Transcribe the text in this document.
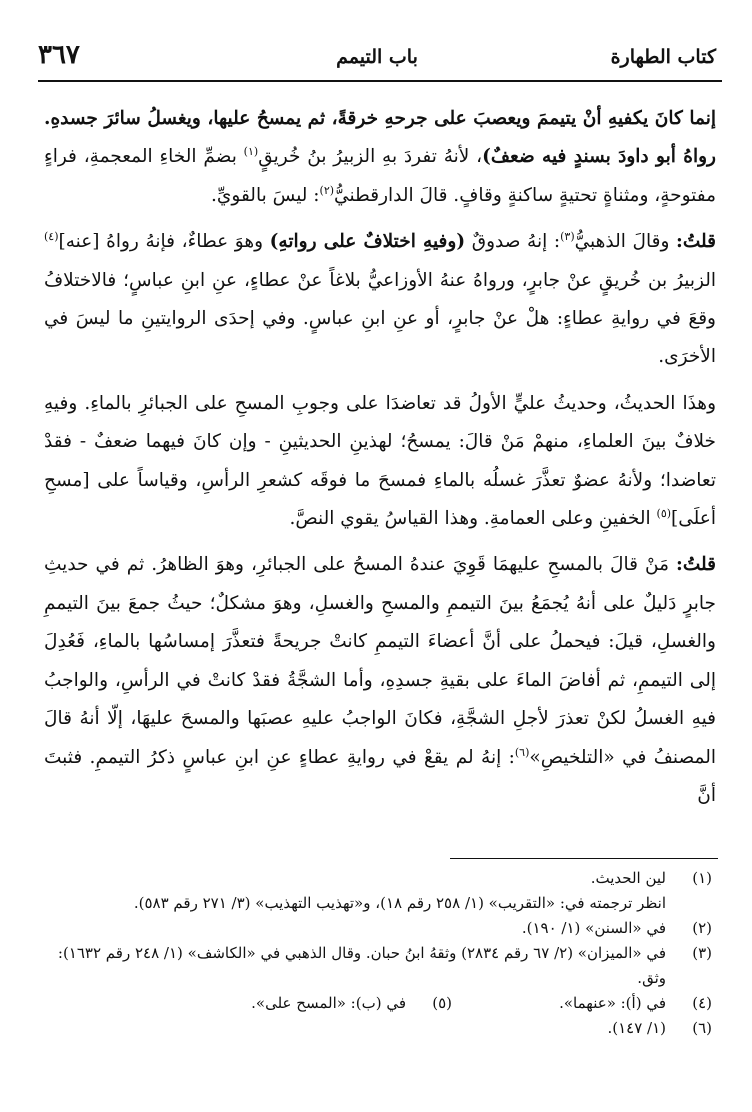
كتاب الطهارة
باب التيمم
٣٦٧

إنما كانَ يكفيهِ أنْ يتيممَ ويعصبَ على جرحهِ خرقةً، ثم يمسحُ عليها، ويغسلُ سائرَ جسدهِ. رواهُ أبو داودَ بسندٍ فيه ضعفٌ)، لأنهُ تفردَ بهِ الزبيرُ بنُ خُريقٍ$^{(١)}$ بضمِّ الخاءِ المعجمةِ، فراءٍ مفتوحةٍ، ومثناةٍ تحتيةٍ ساكنةٍ وقافٍ. قالَ الدارقطنيُّ$^{(٢)}$: ليسَ بالقويِّ.

قلتُ: وقالَ الذهبيُّ$^{(٣)}$: إنهُ صدوقٌ (وفيهِ اختلافٌ على رواتهِ) وهوَ عطاءٌ، فإنهُ رواهُ [عنه]$^{(٤)}$ الزبيرُ بن خُريقٍ عنْ جابرٍ، ورواهُ عنهُ الأوزاعيُّ بلاغاً عنْ عطاءٍ، عنِ ابنِ عباسٍ؛ فالاختلافُ وقعَ في روايةِ عطاءٍ: هلْ عنْ جابرٍ، أو عنِ ابنِ عباسٍ. وفي إحدَى الروايتينِ ما ليسَ في الأخرَى.

وهذَا الحديثُ، وحديثُ عليٍّ الأولُ قد تعاضدَا على وجوبِ المسحِ على الجبائرِ بالماءِ. وفيهِ خلافٌ بينَ العلماءِ، منهمْ مَنْ قالَ: يمسحُ؛ لهذينِ الحديثينِ - وإن كانَ فيهما ضعفٌ - فقدْ تعاضدا؛ ولأنهُ عضوٌ تعذَّرَ غسلُه بالماءِ فمسحَ ما فوقَه كشعرِ الرأسِ، وقياساً على [مسحِ أعلَى]$^{(٥)}$ الخفينِ وعلى العمامةِ. وهذا القياسُ يقوي النصَّ.

قلتُ: مَنْ قالَ بالمسحِ عليهمَا قَوِيَ عندهُ المسحُ على الجبائرِ، وهوَ الظاهرُ. ثم في حديثِ جابرٍ دَليلٌ على أنهُ يُجمَعُ بينَ التيممِ والمسحِ والغسلِ، وهوَ مشكلٌ؛ حيثُ جمعَ بينَ التيممِ والغسلِ، قيلَ: فيحملُ على أنَّ أعضاءَ التيممِ كانتْ جريحةً فتعذَّرَ إمساسُها بالماءِ، فَعُدِلَ إلى التيممِ، ثم أفاضَ الماءَ على بقيةِ جسدِهِ، وأما الشجَّةُ فقدْ كانتْ في الرأسِ، والواجبُ فيهِ الغسلُ لكنْ تعذرَ لأجلِ الشجَّةِ، فكانَ الواجبُ عليهِ عصبَها والمسحَ عليهَا، إلّا أنهُ قالَ المصنفُ في «التلخيصِ»$^{(٦)}$: إنهُ لم يقعْ في روايةِ عطاءٍ عنِ ابنِ عباسٍ ذكرُ التيممِ. فثبتَ أنَّ

(١)
لين الحديث.
انظر ترجمته في: «التقريب» (١/ ٢٥٨ رقم ١٨)، و«تهذيب التهذيب» (٣/ ٢٧١ رقم ٥٨٣).
(٢)
في «السنن» (١/ ١٩٠).
(٣)
في «الميزان» (٢/ ٦٧ رقم ٢٨٣٤) وثقهُ ابنُ حبان. وقال الذهبي في «الكاشف» (١/ ٢٤٨ رقم ١٦٣٢): وثق.
(٤)
في (أ): «عنهما».
(٥)
في (ب): «المسح على».
(٦)
(١/ ١٤٧).
